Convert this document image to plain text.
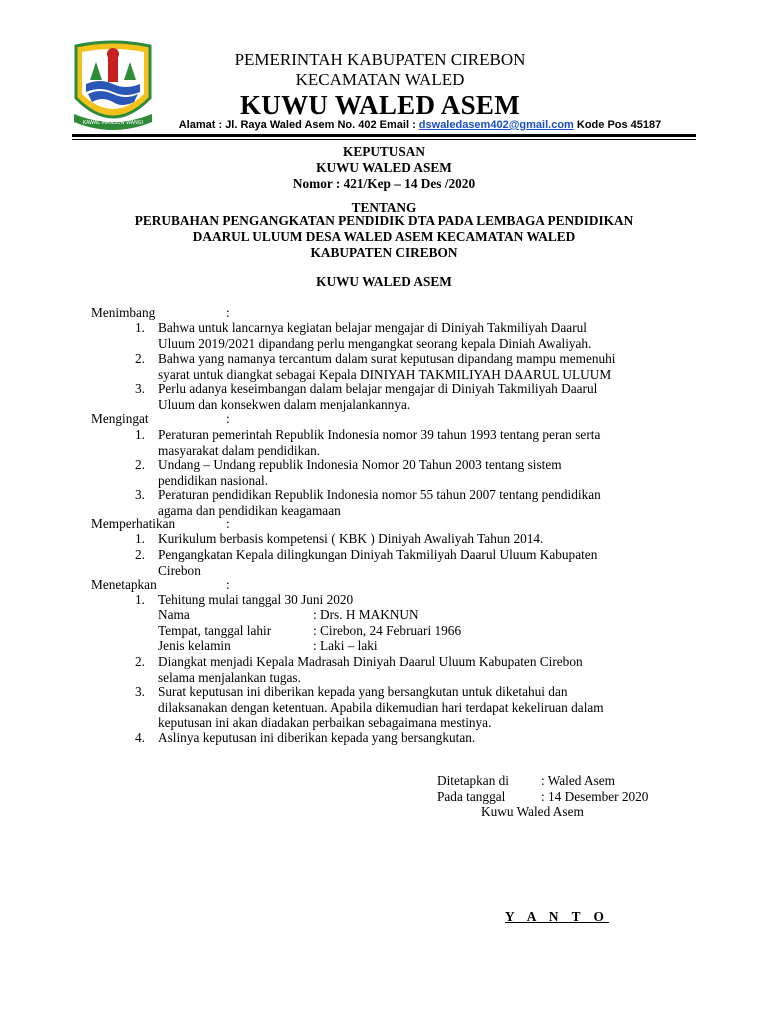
KAWAL MANGUN WANGI
PEMERINTAH KABUPATEN CIREBON
KECAMATAN WALED
KUWU WALED ASEM
Alamat : Jl. Raya Waled Asem No. 402 Email : dswaledasem402@gmail.com Kode Pos 45187
KEPUTUSAN
KUWU WALED ASEM
Nomor : 421/Kep – 14 Des /2020
TENTANG
PERUBAHAN PENGANGKATAN PENDIDIK DTA PADA LEMBAGA PENDIDIKAN
DAARUL ULUUM DESA WALED ASEM KECAMATAN WALED
KABUPATEN CIREBON
KUWU WALED ASEM
Menimbang	:
1. Bahwa untuk lancarnya kegiatan belajar mengajar di Diniyah Takmiliyah Daarul
Uluum 2019/2021 dipandang perlu mengangkat seorang kepala Diniah Awaliyah.
2. Bahwa yang namanya tercantum dalam surat keputusan dipandang mampu memenuhi
syarat untuk diangkat sebagai Kepala DINIYAH TAKMILIYAH DAARUL ULUUM
3. Perlu adanya keseimbangan dalam belajar mengajar di Diniyah Takmiliyah Daarul
Uluum dan konsekwen dalam menjalankannya.
Mengingat	:
1. Peraturan pemerintah Republik Indonesia nomor 39 tahun 1993 tentang peran serta
masyarakat dalam pendidikan.
2. Undang – Undang republik Indonesia Nomor 20 Tahun 2003 tentang sistem
pendidikan nasional.
3. Peraturan pendidikan Republik Indonesia nomor 55 tahun 2007 tentang pendidikan
agama dan pendidikan keagamaan
Memperhatikan	:
1. Kurikulum berbasis kompetensi ( KBK ) Diniyah Awaliyah Tahun 2014.
2. Pengangkatan Kepala dilingkungan Diniyah Takmiliyah Daarul Uluum Kabupaten
Cirebon
Menetapkan	:
1. Tehitung mulai tanggal 30 Juni 2020
Nama	: Drs. H MAKNUN
Tempat, tanggal lahir	: Cirebon, 24 Februari 1966
Jenis kelamin	: Laki – laki
2. Diangkat menjadi Kepala Madrasah Diniyah Daarul Uluum Kabupaten Cirebon
selama menjalankan tugas.
3. Surat keputusan ini diberikan kepada yang bersangkutan untuk diketahui dan
dilaksanakan dengan ketentuan. Apabila dikemudian hari terdapat kekeliruan dalam
keputusan ini akan diadakan perbaikan sebagaimana mestinya.
4. Aslinya keputusan ini diberikan kepada yang bersangkutan.
Ditetapkan di : Waled Asem
Pada tanggal	: 14 Desember 2020
Kuwu Waled Asem
Y A N T O
